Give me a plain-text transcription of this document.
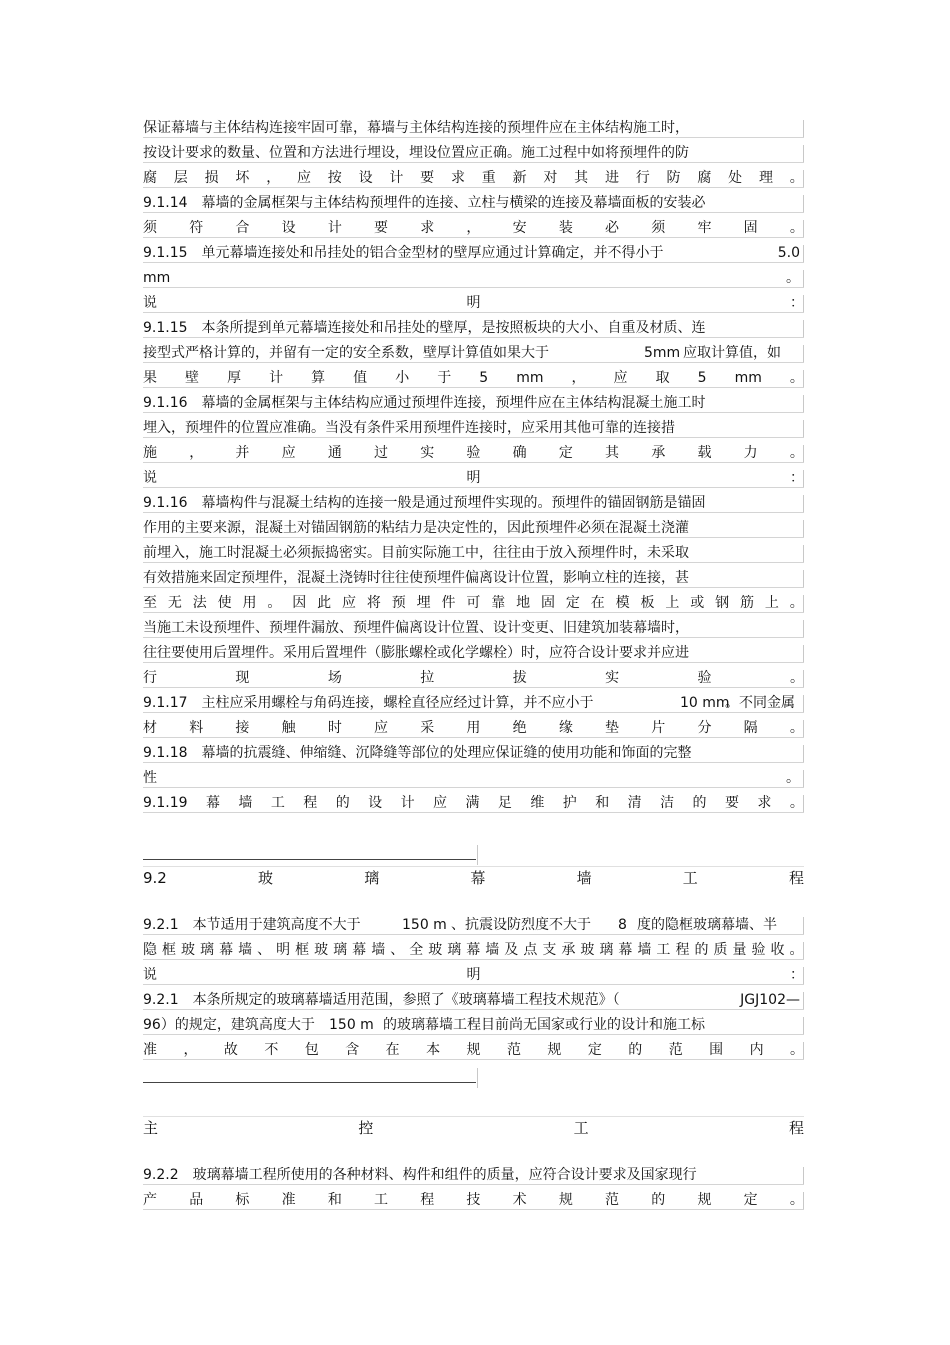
保证幕墙与主体结构连接牢固可靠，幕墙与主体结构连接的预埋件应在主体结构施工时，
按设计要求的数量、位置和方法进行埋设，埋设位置应正确。施工过程中如将预埋件的防
腐 层 损 坏 ， 应 按 设 计 要 求 重 新 对 其 进 行 防 腐 处 理 。
9.1.14　幕墙的金属框架与主体结构预埋件的连接、立柱与横梁的连接及幕墙面板的安装必
须 符 合 设 计 要 求 ， 安 装 必 须 牢 固 。
9.1.15　单元幕墙连接处和吊挂处的铝合金型材的壁厚应通过计算确定，并不得小于	5.0
mm	。
说	明	：
9.1.15　本条所提到单元幕墙连接处和吊挂处的壁厚，是按照板块的大小、自重及材质、连
接型式严格计算的，并留有一定的安全系数，壁厚计算值如果大于	5mm 应取计算值，如
果 壁 厚 计 算 值 小 于 5 mm ， 应 取 5 mm 。
9.1.16　幕墙的金属框架与主体结构应通过预埋件连接，预埋件应在主体结构混凝土施工时
埋入，预埋件的位置应准确。当没有条件采用预埋件连接时，应采用其他可靠的连接措
施 ， 并 应 通 过 实 验 确 定 其 承 载 力 。
说	明	：
9.1.16　幕墙构件与混凝土结构的连接一般是通过预埋件实现的。预埋件的锚固钢筋是锚固
作用的主要来源，混凝土对锚固钢筋的粘结力是决定性的，因此预埋件必须在混凝土浇灌
前埋入，施工时混凝土必须振捣密实。目前实际施工中，往往由于放入预埋件时，未采取
有效措施来固定预埋件，混凝土浇铸时往往使预埋件偏离设计位置，影响立柱的连接，甚
至 无 法 使 用 。 因 此 应 将 预 埋 件 可 靠 地 固 定 在 模 板 上 或 钢 筋 上 。
当施工未设预埋件、预埋件漏放、预埋件偏离设计位置、设计变更、旧建筑加装幕墙时，
往往要使用后置埋件。采用后置埋件（膨胀螺栓或化学螺栓）时，应符合设计要求并应进
行	现	场	拉	拔	实	验	。
9.1.17　主柱应采用螺栓与角码连接，螺栓直径应经过计算，并不应小于	10 mm
。不同金属
材 料 接 触 时 应 采 用 绝 缘 垫 片 分 隔 。
9.1.18　幕墙的抗震缝、伸缩缝、沉降缝等部位的处理应保证缝的使用功能和饰面的完整
性	。
9.1.19 幕 墙 工 程 的 设 计 应 满 足 维 护 和 清 洁 的 要 求 。
9.2	玻	璃	幕	墙	工	程
9.2.1　本节适用于建筑高度不大于	150 m 、抗震设防烈度不大于 8 度的隐框玻璃幕墙、半
隐 框 玻 璃 幕 墙 、 明 框 玻 璃 幕 墙 、 全 玻 璃 幕 墙 及 点 支 承 玻 璃 幕 墙 工 程 的 质 量 验 收 。
说	明	：
9.2.1　本条所规定的玻璃幕墙适用范围，参照了《玻璃幕墙工程技术规范》（	JGJ102—
96）的规定，建筑高度大于 150 m 的玻璃幕墙工程目前尚无国家或行业的设计和施工标
准 ， 故 不 包 含 在 本 规 范 规 定 的 范 围 内 。
主	控	工	程
9.2.2　玻璃幕墙工程所使用的各种材料、构件和组件的质量，应符合设计要求及国家现行
产 品 标 准 和 工 程 技 术 规 范 的 规 定 。
